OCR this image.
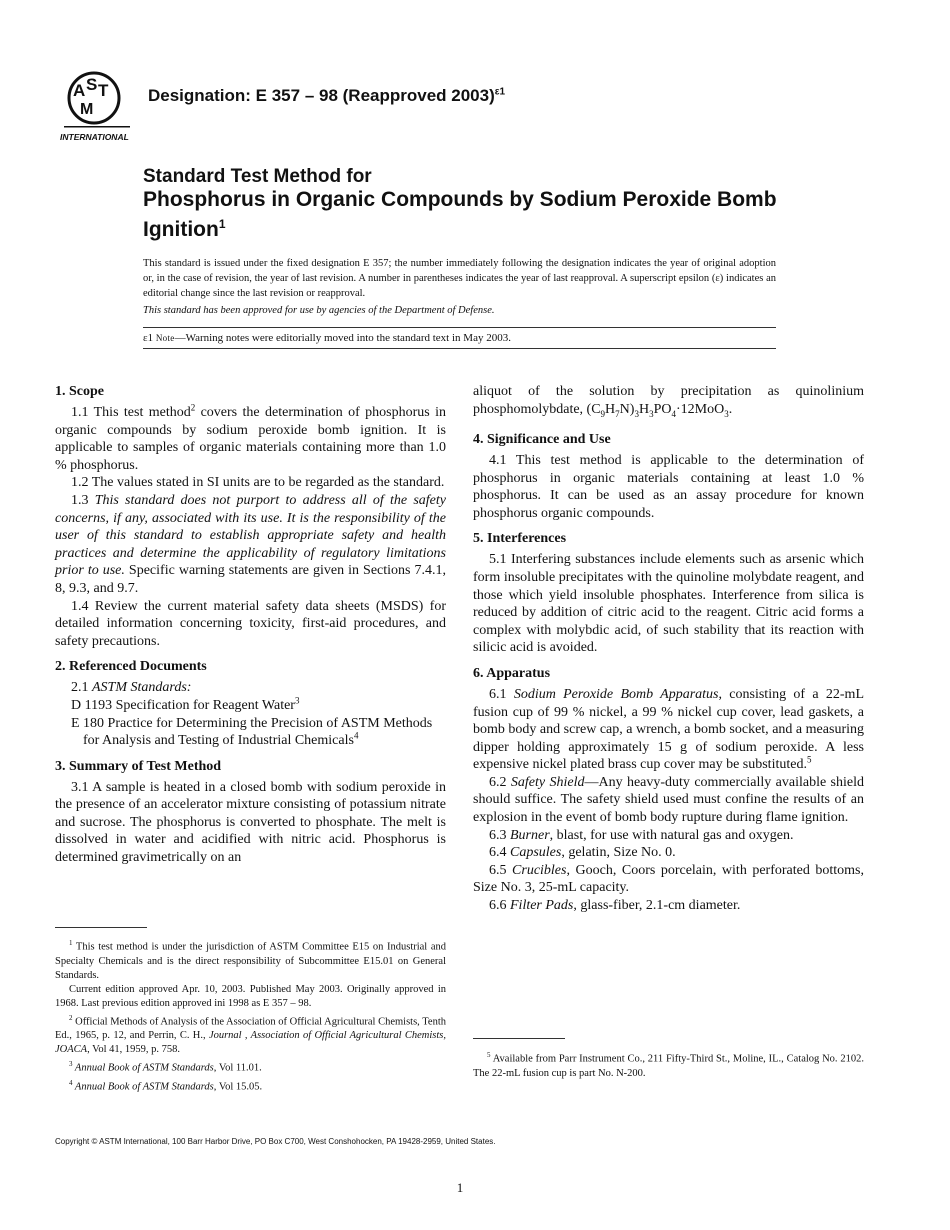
A S T
M
INTERNATIONAL
Designation: E 357 – 98 (Reapproved 2003)$^{\varepsilon 1}$
Standard Test Method for
Phosphorus in Organic Compounds by Sodium Peroxide Bomb Ignition$^1$

This standard is issued under the fixed designation E 357; the number immediately following the designation indicates the year of original adoption or, in the case of revision, the year of last revision. A number in parentheses indicates the year of last reapproval. A superscript epsilon (ε) indicates an editorial change since the last revision or reapproval.

This standard has been approved for use by agencies of the Department of Defense.

ε1 Note—Warning notes were editorially moved into the standard text in May 2003.

1. Scope

1.1 This test method$^2$ covers the determination of phosphorus in organic compounds by sodium peroxide bomb ignition. It is applicable to samples of organic materials containing more than 1.0 % phosphorus.

1.2 The values stated in SI units are to be regarded as the standard.

1.3 This standard does not purport to address all of the safety concerns, if any, associated with its use. It is the responsibility of the user of this standard to establish appropriate safety and health practices and determine the applicability of regulatory limitations prior to use. Specific warning statements are given in Sections 7.4.1, 8, 9.3, and 9.7.

1.4 Review the current material safety data sheets (MSDS) for detailed information concerning toxicity, first-aid procedures, and safety precautions.

2. Referenced Documents

2.1 ASTM Standards:

D 1193 Specification for Reagent Water$^3$

E 180 Practice for Determining the Precision of ASTM Methods for Analysis and Testing of Industrial Chemicals$^4$

3. Summary of Test Method

3.1 A sample is heated in a closed bomb with sodium peroxide in the presence of an accelerator mixture consisting of potassium nitrate and sucrose. The phosphorus is converted to phosphate. The melt is dissolved in water and acidified with nitric acid. Phosphorus is determined gravimetrically on an

aliquot of the solution by precipitation as quinolinium phosphomolybdate, $(C_9H_7N)_3H_3PO_4\cdot 12MoO_3$.

4. Significance and Use

4.1 This test method is applicable to the determination of phosphorus in organic materials containing at least 1.0 % phosphorus. It can be used as an assay procedure for known phosphorus organic compounds.

5. Interferences

5.1 Interfering substances include elements such as arsenic which form insoluble precipitates with the quinoline molybdate reagent, and those which yield insoluble phosphates. Interference from silica is reduced by addition of citric acid to the reagent. Citric acid forms a complex with molybdic acid, of such stability that its reaction with silicic acid is avoided.

6. Apparatus

6.1 Sodium Peroxide Bomb Apparatus, consisting of a 22-mL fusion cup of 99 % nickel, a 99 % nickel cup cover, lead gaskets, a bomb body and screw cap, a wrench, a bomb socket, and a measuring dipper holding approximately 15 g of sodium peroxide. A less expensive nickel plated brass cup cover may be substituted.$^5$

6.2 Safety Shield—Any heavy-duty commercially available shield should suffice. The safety shield used must confine the results of an explosion in the event of bomb body rupture during flame ignition.

6.3 Burner, blast, for use with natural gas and oxygen.

6.4 Capsules, gelatin, Size No. 0.

6.5 Crucibles, Gooch, Coors porcelain, with perforated bottoms, Size No. 3, 25-mL capacity.

6.6 Filter Pads, glass-fiber, 2.1-cm diameter.

$^1$ This test method is under the jurisdiction of ASTM Committee E15 on Industrial and Specialty Chemicals and is the direct responsibility of Subcommittee E15.01 on General Standards.

Current edition approved Apr. 10, 2003. Published May 2003. Originally approved in 1968. Last previous edition approved ini 1998 as E 357 – 98.

$^2$ Official Methods of Analysis of the Association of Official Agricultural Chemists, Tenth Ed., 1965, p. 12, and Perrin, C. H., Journal , Association of Official Agricultural Chemists, JOACA, Vol 41, 1959, p. 758.

$^3$ Annual Book of ASTM Standards, Vol 11.01.

$^4$ Annual Book of ASTM Standards, Vol 15.05.

$^5$ Available from Parr Instrument Co., 211 Fifty-Third St., Moline, IL., Catalog No. 2102. The 22-mL fusion cup is part No. N-200.

Copyright © ASTM International, 100 Barr Harbor Drive, PO Box C700, West Conshohocken, PA 19428-2959, United States.
1
